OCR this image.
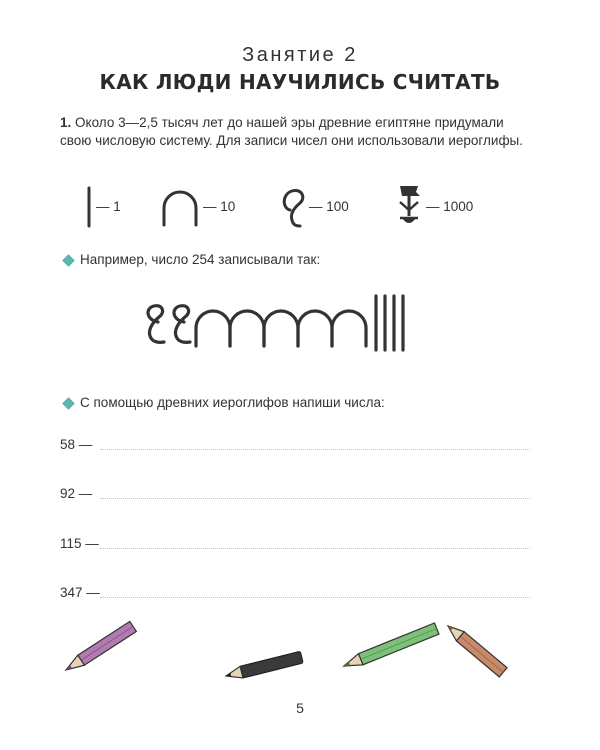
Занятие 2
КАК ЛЮДИ НАУЧИЛИСЬ СЧИТАТЬ
1. Около 3—2,5 тысяч лет до нашей эры древние египтяне придумали свою числовую систему. Для записи чисел они использовали иероглифы.
— 1	— 10	— 100	— 1000
Например, число 254 записывали так:
С помощью древних иероглифов напиши числа:
58 —
92 —
115 —
347 —
5
